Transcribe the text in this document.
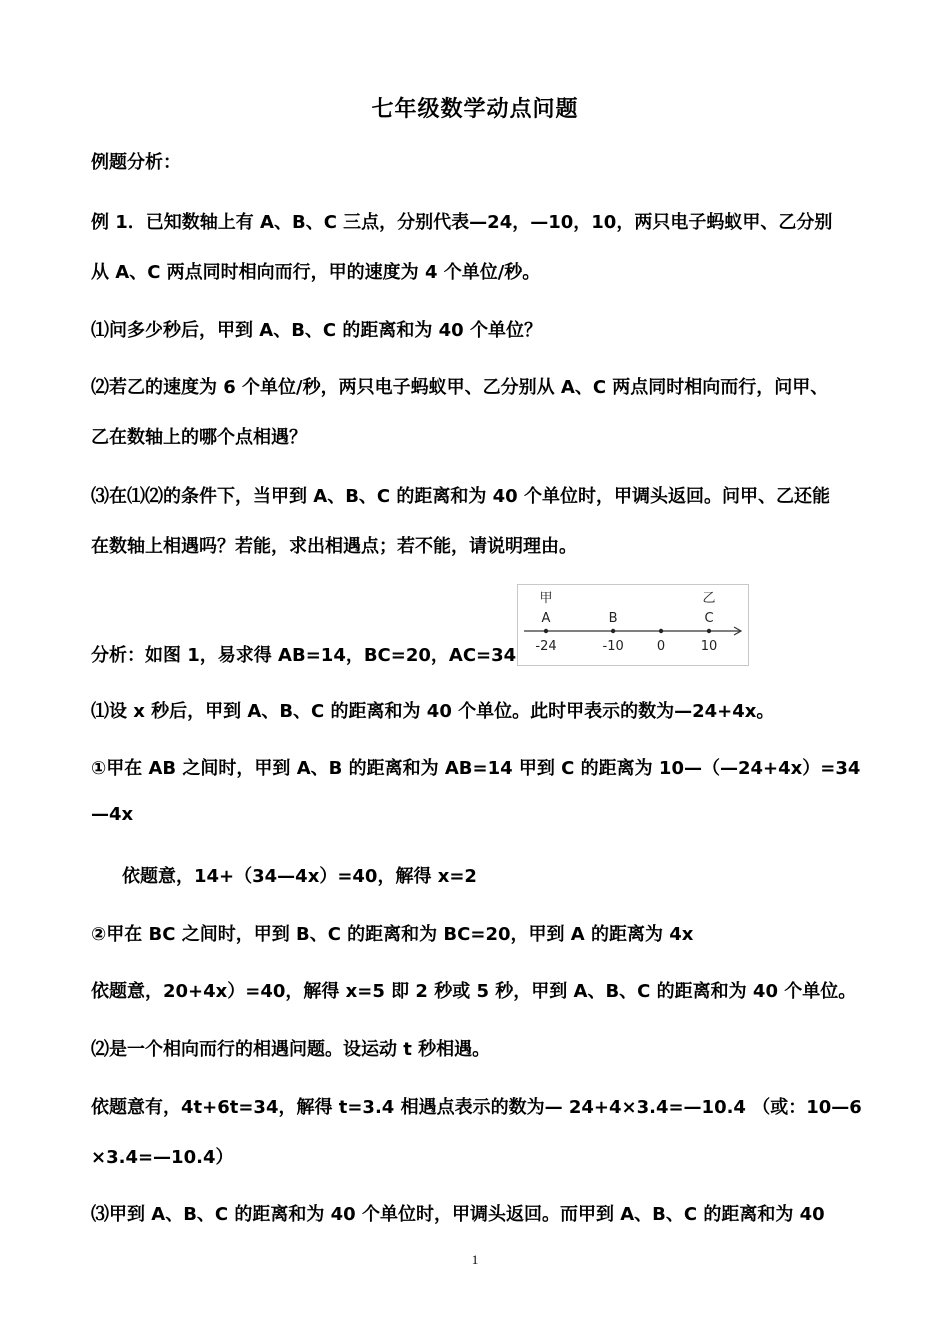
七年级数学动点问题
例题分析：
例 1．已知数轴上有 A、B、C 三点，分别代表—24，—10，10，两只电子蚂蚁甲、乙分别
从 A、C 两点同时相向而行，甲的速度为 4 个单位/秒。
⑴问多少秒后，甲到 A、B、C 的距离和为 40 个单位？
⑵若乙的速度为 6 个单位/秒，两只电子蚂蚁甲、乙分别从 A、C 两点同时相向而行，问甲、
乙在数轴上的哪个点相遇？
⑶在⑴⑵的条件下，当甲到 A、B、C 的距离和为 40 个单位时，甲调头返回。问甲、乙还能
在数轴上相遇吗？若能，求出相遇点；若不能，请说明理由。
-24
A
-10
B
0	10
C
甲	乙
分析：如图 1，易求得 AB=14，BC=20，AC=34
⑴设 x 秒后，甲到 A、B、C 的距离和为 40 个单位。此时甲表示的数为—24+4x。
①甲在 AB 之间时，甲到 A、B 的距离和为 AB=14 甲到 C 的距离为 10—（—24+4x）=34
—4x
依题意，14+（34—4x）=40，解得 x=2
②甲在 BC 之间时，甲到 B、C 的距离和为 BC=20，甲到 A 的距离为 4x
依题意，20+4x）=40，解得 x=5 即 2 秒或 5 秒，甲到 A、B、C 的距离和为 40 个单位。
⑵是一个相向而行的相遇问题。设运动 t 秒相遇。
依题意有，4t+6t=34，解得 t=3.4 相遇点表示的数为— 24+4×3.4=—10.4 （或：10—6
×3.4=—10.4）
⑶甲到 A、B、C 的距离和为 40 个单位时，甲调头返回。而甲到 A、B、C 的距离和为 40
1
